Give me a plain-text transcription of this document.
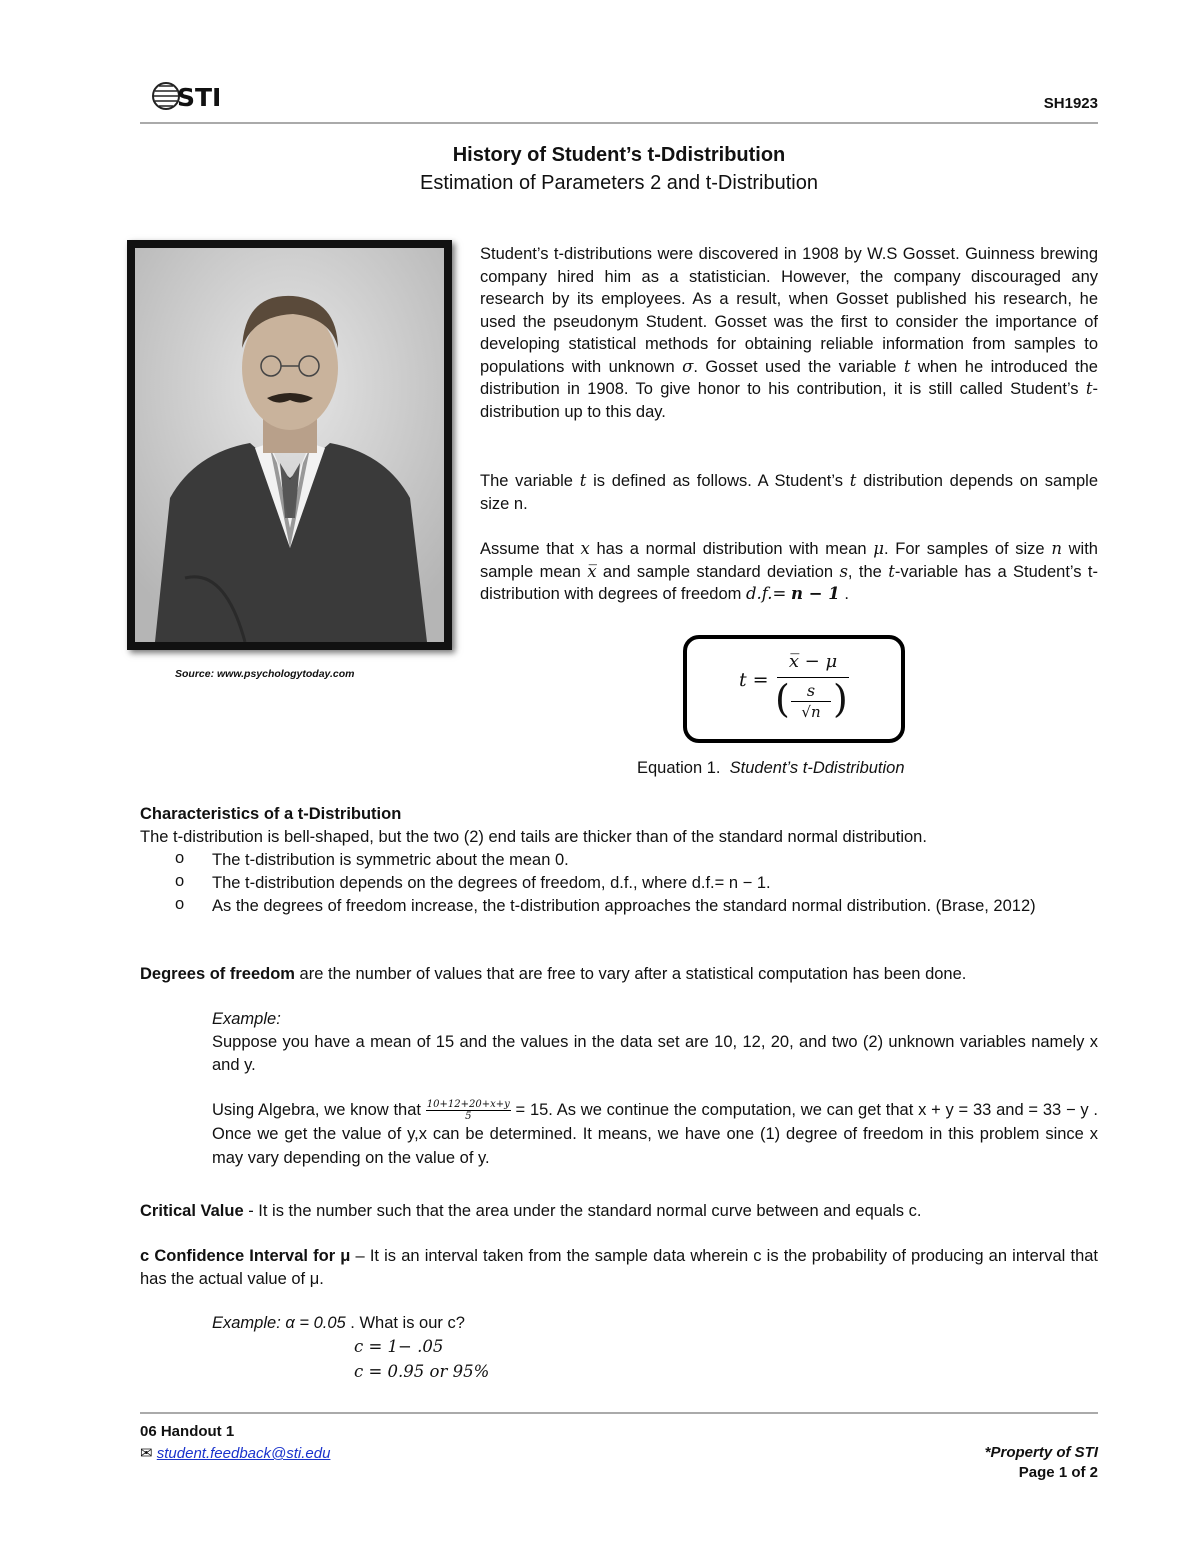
STI	SH1923
History of Student’s t-Ddistribution
Estimation of Parameters 2 and t-Distribution
Source: www.psychologytoday.com
Student’s t-distributions were discovered in 1908 by W.S Gosset. Guinness brewing company hired him as a statistician. However, the company discouraged any research by its employees. As a result, when Gosset published his research, he used the pseudonym Student. Gosset was the first to consider the importance of developing statistical methods for obtaining reliable information from samples to populations with unknown σ. Gosset used the variable t when he introduced the distribution in 1908. To give honor to his contribution, it is still called Student’s t-distribution up to this day.
The variable t is defined as follows. A Student’s t distribution depends on sample size n.
Assume that x has a normal distribution with mean μ. For samples of size n with sample mean x̅ and sample standard deviation s, the t-variable has a Student’s t-distribution with degrees of freedom d.f.= n − 1 .
t =
x̅ − μ
( )
s
√n
Equation 1. Student’s t-Ddistribution
Characteristics of a t-Distribution
The t-distribution is bell-shaped, but the two (2) end tails are thicker than of the standard normal distribution.
o The t-distribution is symmetric about the mean 0.
o The t-distribution depends on the degrees of freedom, d.f., where d.f.= n − 1.
o As the degrees of freedom increase, the t-distribution approaches the standard normal distribution. (Brase, 2012)
Degrees of freedom are the number of values that are free to vary after a statistical computation has been done.
Example:
Suppose you have a mean of 15 and the values in the data set are 10, 12, 20, and two (2) unknown variables namely x and y.
Using Algebra, we know that $\frac{10+12+20+x+y}{5} = 15$. As we continue the computation, we can get that x + y = 33 and = 33 − y . Once we get the value of y,x can be determined. It means, we have one (1) degree of freedom in this problem since x may vary depending on the value of y.
Critical Value - It is the number such that the area under the standard normal curve between and equals c.
c Confidence Interval for μ – It is an interval taken from the sample data wherein c is the probability of producing an interval that has the actual value of μ.
Example: α = 0.05 . What is our c?
c = 1− .05
c = 0.95 or 95%
06 Handout 1
✉ student.feedback@sti.edu	*Property of STI
Page 1 of 2
